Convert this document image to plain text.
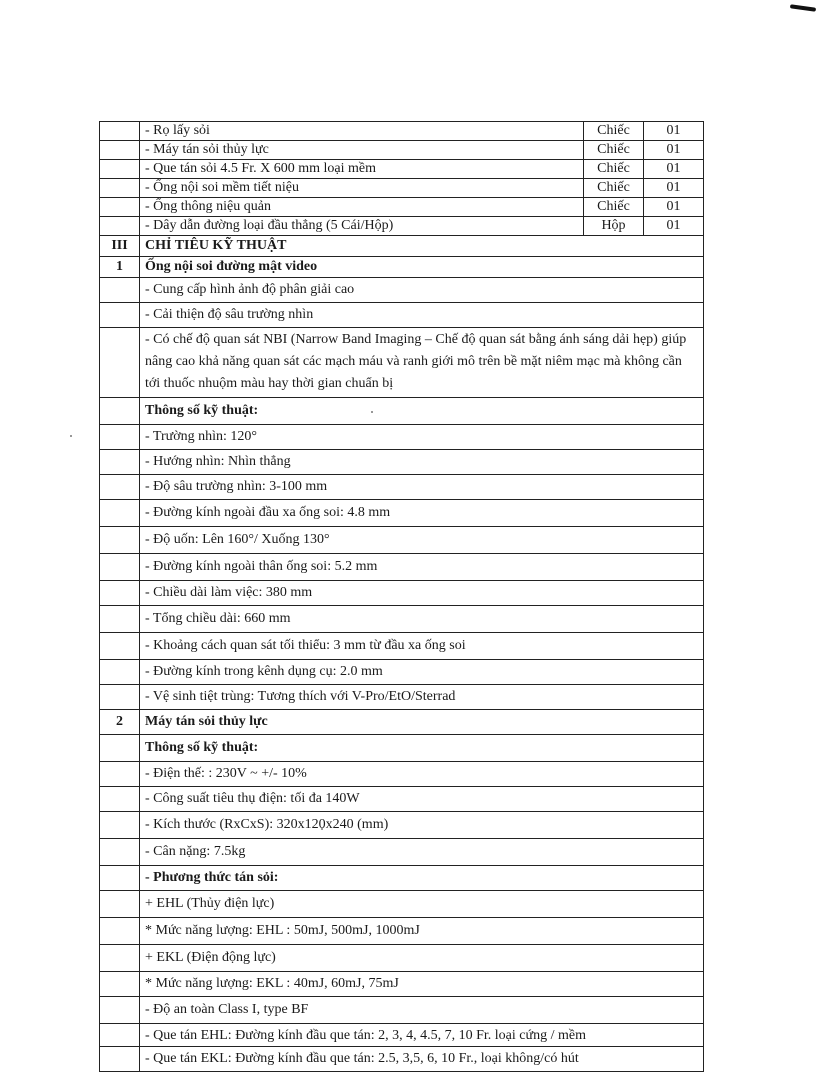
	- Rọ lấy sỏi	Chiếc	01
	- Máy tán sỏi thủy lực	Chiếc	01
	- Que tán sỏi 4.5 Fr. X 600 mm loại mềm	Chiếc	01
	- Ống nội soi mềm tiết niệu	Chiếc	01
	- Ống thông niệu quản	Chiếc	01
	- Dây dẫn đường loại đầu thẳng (5 Cái/Hộp)	Hộp	01
III	CHỈ TIÊU KỸ THUẬT		
1	Ống nội soi đường mật video		
	- Cung cấp hình ảnh độ phân giải cao		
	- Cải thiện độ sâu trường nhìn		
	- Có chế độ quan sát NBI (Narrow Band Imaging – Chế độ quan sát bằng ánh sáng dải hẹp) giúp nâng cao khả năng quan sát các mạch máu và ranh giới mô trên bề mặt niêm mạc mà không cần tới thuốc nhuộm màu hay thời gian chuẩn bị		
	Thông số kỹ thuật:		
	- Trường nhìn: 120°		
	- Hướng nhìn: Nhìn thẳng		
	- Độ sâu trường nhìn: 3-100 mm		
	- Đường kính ngoài đầu xa ống soi: 4.8 mm		
	- Độ uốn: Lên 160°/ Xuống 130°		
	- Đường kính ngoài thân ống soi: 5.2 mm		
	- Chiều dài làm việc: 380 mm		
	- Tổng chiều dài: 660 mm		
	- Khoảng cách quan sát tối thiểu: 3 mm từ đầu xa ống soi		
	- Đường kính trong kênh dụng cụ: 2.0 mm		
	- Vệ sinh tiệt trùng: Tương thích với V-Pro/EtO/Sterrad		
2	Máy tán sỏi thủy lực		
	Thông số kỹ thuật:		
	- Điện thế: : 230V ~ +/- 10%		
	- Công suất tiêu thụ điện: tối đa 140W		
	- Kích thước (RxCxS): 320x120x240 (mm)		
	- Cân nặng: 7.5kg		
	- Phương thức tán sỏi:		
	+ EHL (Thủy điện lực)		
	* Mức năng lượng: EHL : 50mJ, 500mJ, 1000mJ		
	+ EKL (Điện động lực)		
	* Mức năng lượng: EKL : 40mJ, 60mJ, 75mJ		
	- Độ an toàn Class I, type BF		
	- Que tán EHL: Đường kính đầu que tán: 2, 3, 4, 4.5, 7, 10 Fr. loại cứng / mềm		
	- Que tán EKL: Đường kính đầu que tán: 2.5, 3,5, 6, 10 Fr., loại không/có hút		
